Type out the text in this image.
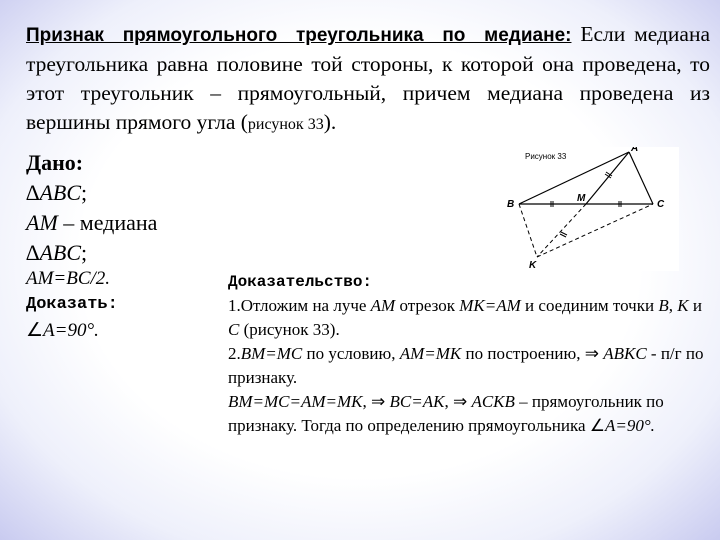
Признак прямоугольного треугольника по медиане: Если медиана треугольника равна половине той стороны, к которой она проведена, то этот треугольник – прямоугольный, причем медиана проведена из вершины прямого угла (рисунок 33).
Дано:
∆ABC;
AM – медиана
∆ABC;
AM=BC/2.
Доказать:
∠A=90°.
Рисунок 33
A
B
M
C
K
Доказательство:
1.Отложим на луче AM отрезок MK=AM и соединим точки B, K и C (рисунок 33).
2.BM=MC по условию, AM=MK по построению, ⇒ ABKC - п/г по признаку.
BM=MC=AM=MK, ⇒ BC=AK, ⇒ ACKB – прямоугольник по признаку. Тогда по определению прямоугольника ∠A=90°.
